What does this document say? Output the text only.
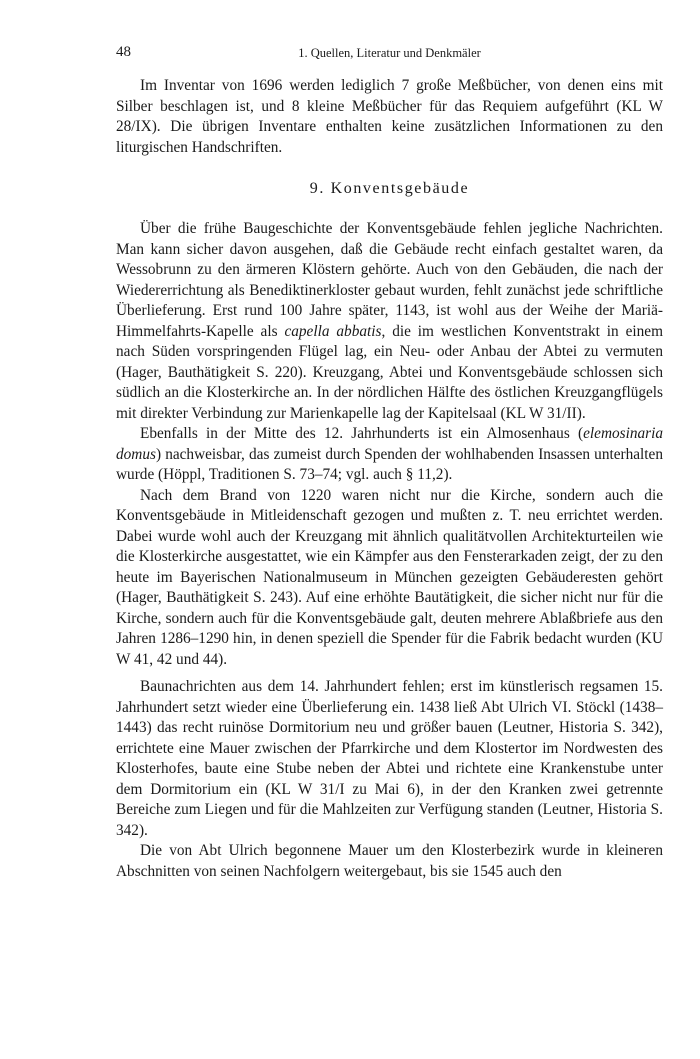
48	1. Quellen, Literatur und Denkmäler

Im Inventar von 1696 werden lediglich 7 große Meßbücher, von denen eins mit Silber beschlagen ist, und 8 kleine Meßbücher für das Requiem aufgeführt (KL W 28/IX). Die übrigen Inventare enthalten keine zusätzlichen Informationen zu den liturgischen Handschriften.

9. Konventsgebäude

Über die frühe Baugeschichte der Konventsgebäude fehlen jegliche Nachrichten. Man kann sicher davon ausgehen, daß die Gebäude recht einfach gestaltet waren, da Wessobrunn zu den ärmeren Klöstern gehörte. Auch von den Gebäuden, die nach der Wiedererrichtung als Benediktinerkloster gebaut wurden, fehlt zunächst jede schriftliche Überlieferung. Erst rund 100 Jahre später, 1143, ist wohl aus der Weihe der Mariä-Himmelfahrts-Kapelle als capella abbatis, die im westlichen Konventstrakt in einem nach Süden vorspringenden Flügel lag, ein Neu- oder Anbau der Abtei zu vermuten (Hager, Bauthätigkeit S. 220). Kreuzgang, Abtei und Konventsgebäude schlossen sich südlich an die Klosterkirche an. In der nördlichen Hälfte des östlichen Kreuzgangflügels mit direkter Verbindung zur Marienkapelle lag der Kapitelsaal (KL W 31/II).

Ebenfalls in der Mitte des 12. Jahrhunderts ist ein Almosenhaus (elemosinaria domus) nachweisbar, das zumeist durch Spenden der wohlhabenden Insassen unterhalten wurde (Höppl, Traditionen S. 73–74; vgl. auch § 11,2).

Nach dem Brand von 1220 waren nicht nur die Kirche, sondern auch die Konventsgebäude in Mitleidenschaft gezogen und mußten z. T. neu errichtet werden. Dabei wurde wohl auch der Kreuzgang mit ähnlich qualitätvollen Architekturteilen wie die Klosterkirche ausgestattet, wie ein Kämpfer aus den Fensterarkaden zeigt, der zu den heute im Bayerischen Nationalmuseum in München gezeigten Gebäuderesten gehört (Hager, Bauthätigkeit S. 243). Auf eine erhöhte Bautätigkeit, die sicher nicht nur für die Kirche, sondern auch für die Konventsgebäude galt, deuten mehrere Ablaßbriefe aus den Jahren 1286–1290 hin, in denen speziell die Spender für die Fabrik bedacht wurden (KU W 41, 42 und 44).

Baunachrichten aus dem 14. Jahrhundert fehlen; erst im künstlerisch regsamen 15. Jahrhundert setzt wieder eine Überlieferung ein. 1438 ließ Abt Ulrich VI. Stöckl (1438–1443) das recht ruinöse Dormitorium neu und größer bauen (Leutner, Historia S. 342), errichtete eine Mauer zwischen der Pfarrkirche und dem Klostertor im Nordwesten des Klosterhofes, baute eine Stube neben der Abtei und richtete eine Krankenstube unter dem Dormitorium ein (KL W 31/I zu Mai 6), in der den Kranken zwei getrennte Bereiche zum Liegen und für die Mahlzeiten zur Verfügung standen (Leutner, Historia S. 342).

Die von Abt Ulrich begonnene Mauer um den Klosterbezirk wurde in kleineren Abschnitten von seinen Nachfolgern weitergebaut, bis sie 1545 auch den
